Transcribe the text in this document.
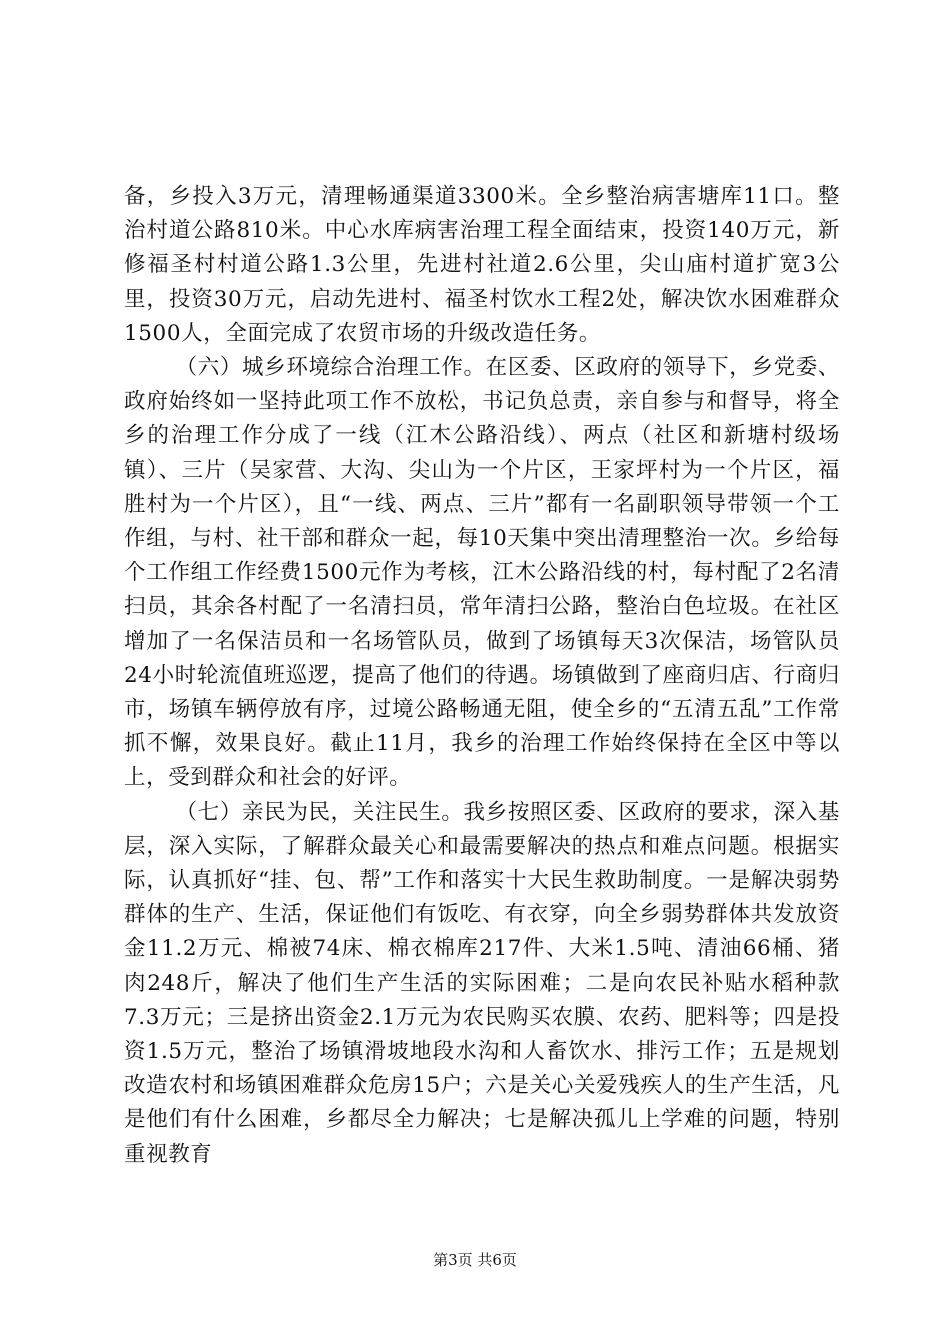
备，乡投入3万元，清理畅通渠道3300米。全乡整治病害塘库11口。整治村道公路810米。中心水库病害治理工程全面结束，投资140万元，新修福圣村村道公路1.3公里，先进村社道2.6公里，尖山庙村道扩宽3公里，投资30万元，启动先进村、福圣村饮水工程2处，解决饮水困难群众1500人，全面完成了农贸市场的升级改造任务。

（六）城乡环境综合治理工作。在区委、区政府的领导下，乡党委、政府始终如一坚持此项工作不放松，书记负总责，亲自参与和督导，将全乡的治理工作分成了一线（江木公路沿线）、两点（社区和新塘村级场镇）、三片（吴家营、大沟、尖山为一个片区，王家坪村为一个片区，福胜村为一个片区），且“一线、两点、三片”都有一名副职领导带领一个工作组，与村、社干部和群众一起，每10天集中突出清理整治一次。乡给每个工作组工作经费1500元作为考核，江木公路沿线的村，每村配了2名清扫员，其余各村配了一名清扫员，常年清扫公路，整治白色垃圾。在社区增加了一名保洁员和一名场管队员，做到了场镇每天3次保洁，场管队员24小时轮流值班巡逻，提高了他们的待遇。场镇做到了座商归店、行商归市，场镇车辆停放有序，过境公路畅通无阻，使全乡的“五清五乱”工作常抓不懈，效果良好。截止11月，我乡的治理工作始终保持在全区中等以上，受到群众和社会的好评。

（七）亲民为民，关注民生。我乡按照区委、区政府的要求，深入基层，深入实际，了解群众最关心和最需要解决的热点和难点问题。根据实际，认真抓好“挂、包、帮”工作和落实十大民生救助制度。一是解决弱势群体的生产、生活，保证他们有饭吃、有衣穿，向全乡弱势群体共发放资金11.2万元、棉被74床、棉衣棉库217件、大米1.5吨、清油66桶、猪肉248斤，解决了他们生产生活的实际困难；二是向农民补贴水稻种款7.3万元；三是挤出资金2.1万元为农民购买农膜、农药、肥料等；四是投资1.5万元，整治了场镇滑坡地段水沟和人畜饮水、排污工作；五是规划改造农村和场镇困难群众危房15户；六是关心关爱残疾人的生产生活，凡是他们有什么困难，乡都尽全力解决；七是解决孤儿上学难的问题，特别重视教育

第3页 共6页
